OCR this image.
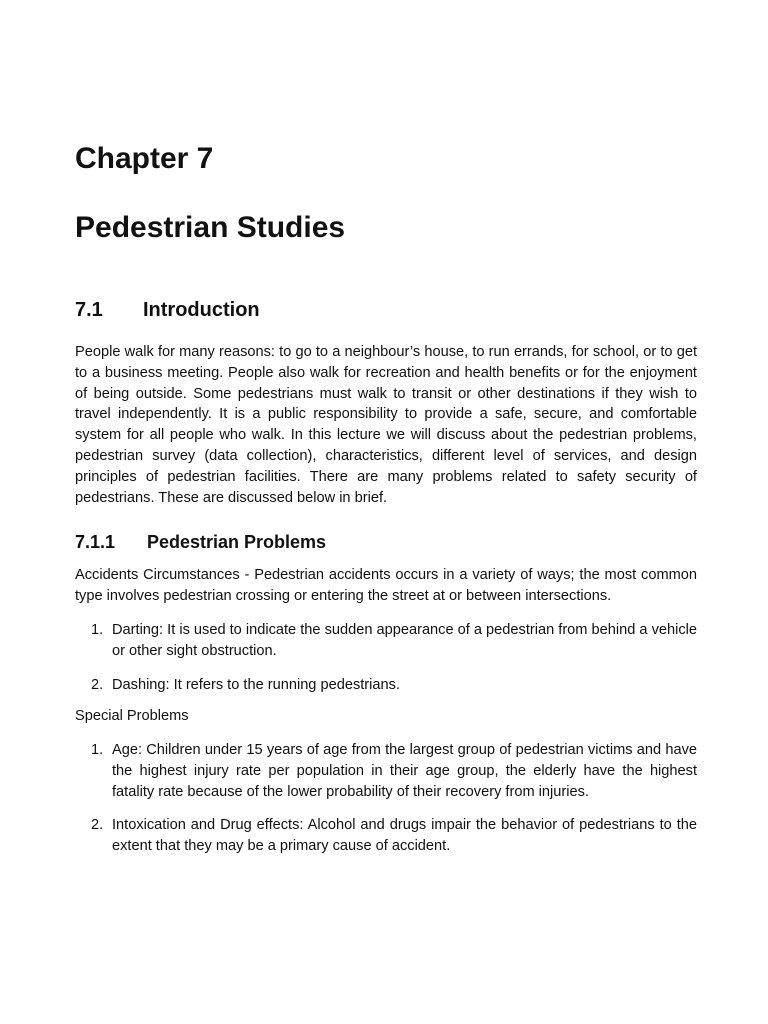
Chapter 7
Pedestrian Studies
7.1 Introduction

People walk for many reasons: to go to a neighbour’s house, to run errands, for school, or to get to a business meeting. People also walk for recreation and health benefits or for the enjoyment of being outside. Some pedestrians must walk to transit or other destinations if they wish to travel independently. It is a public responsibility to provide a safe, secure, and comfortable system for all people who walk. In this lecture we will discuss about the pedestrian problems, pedestrian survey (data collection), characteristics, different level of services, and design principles of pedestrian facilities. There are many problems related to safety security of pedestrians. These are discussed below in brief.

7.1.1 Pedestrian Problems

Accidents Circumstances - Pedestrian accidents occurs in a variety of ways; the most common type involves pedestrian crossing or entering the street at or between intersections.

1. Darting: It is used to indicate the sudden appearance of a pedestrian from behind a vehicle or other sight obstruction.
2. Dashing: It refers to the running pedestrians.

Special Problems

1. Age: Children under 15 years of age from the largest group of pedestrian victims and have the highest injury rate per population in their age group, the elderly have the highest fatality rate because of the lower probability of their recovery from injuries.
2. Intoxication and Drug effects: Alcohol and drugs impair the behavior of pedestrians to the extent that they may be a primary cause of accident.
